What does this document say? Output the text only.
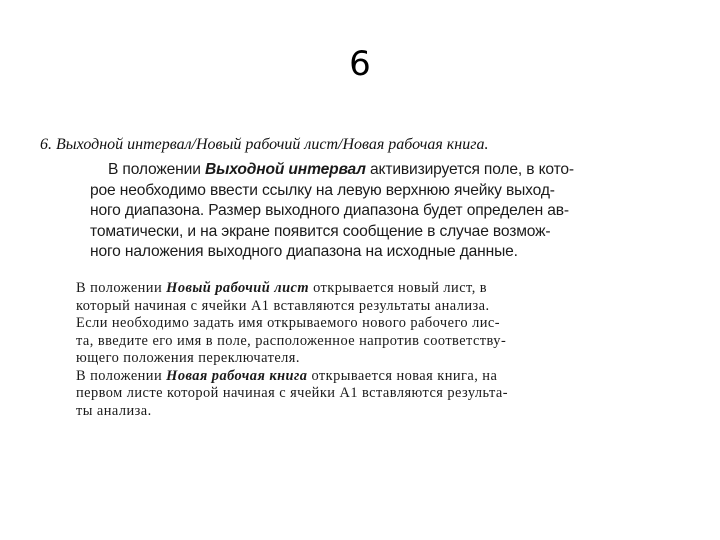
6
6. Выходной интервал/Новый рабочий лист/Новая рабочая книга.
В положении Выходной интервал активизируется поле, в кото-
рое необходимо ввести ссылку на левую верхнюю ячейку выход-
ного диапазона. Размер выходного диапазона будет определен ав-
томатически, и на экране появится сообщение в случае возмож-
ного наложения выходного диапазона на исходные данные.
В положении Новый рабочий лист открывается новый лист, в
который начиная с ячейки A1 вставляются результаты анализа.
Если необходимо задать имя открываемого нового рабочего лис-
та, введите его имя в поле, расположенное напротив соответству-
ющего положения переключателя.
В положении Новая рабочая книга открывается новая книга, на
первом листе которой начиная с ячейки A1 вставляются результа-
ты анализа.
